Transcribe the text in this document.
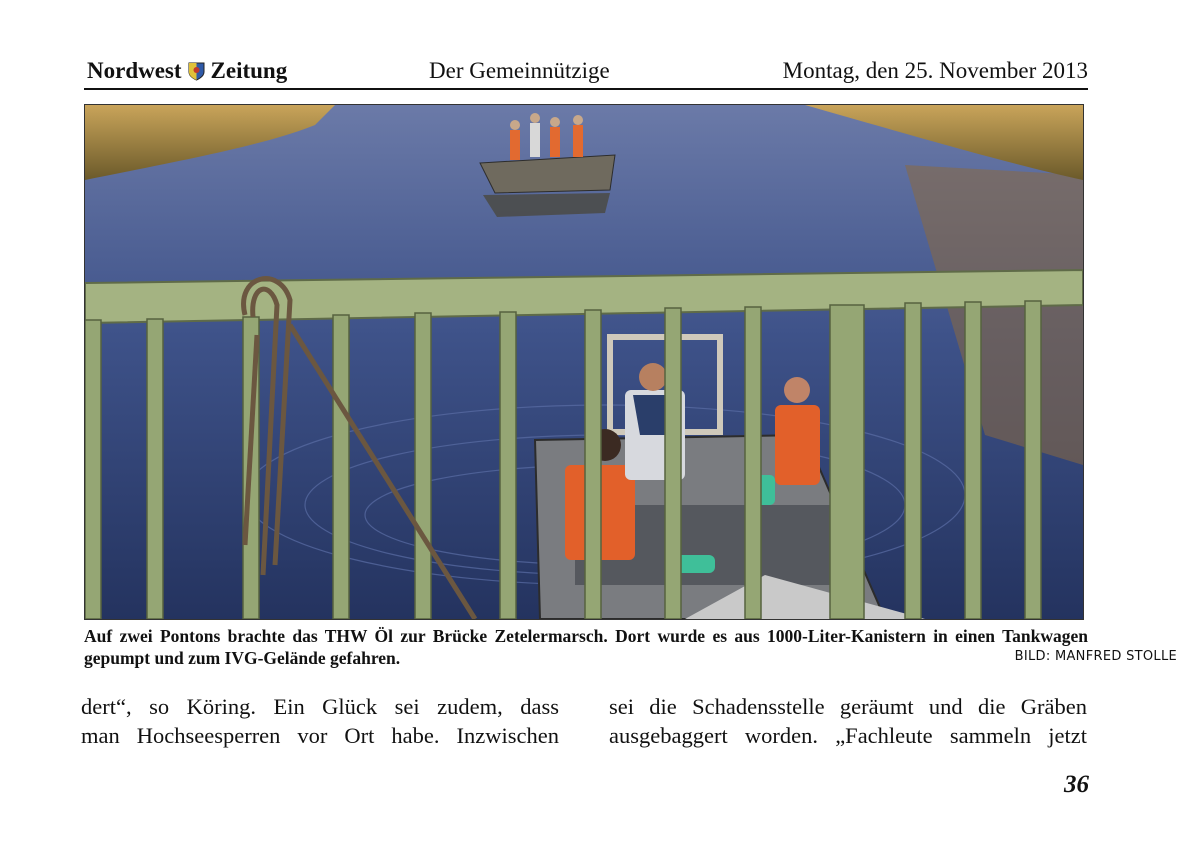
Nordwest Zeitung	Der Gemeinnützige	Montag, den 25. November 2013
Auf zwei Pontons brachte das THW Öl zur Brücke Zetelermarsch. Dort wurde es aus 1000-Liter-Kanistern in einen Tankwagen gepumpt und zum IVG-Gelände gefahren.	BILD: MANFRED STOLLE

dert“, so Köring. Ein Glück sei zudem, dass

man Hochseesperren vor Ort habe. Inzwischen

sei die Schadensstelle geräumt und die Gräben

ausgebaggert worden. „Fachleute sammeln jetzt

36
